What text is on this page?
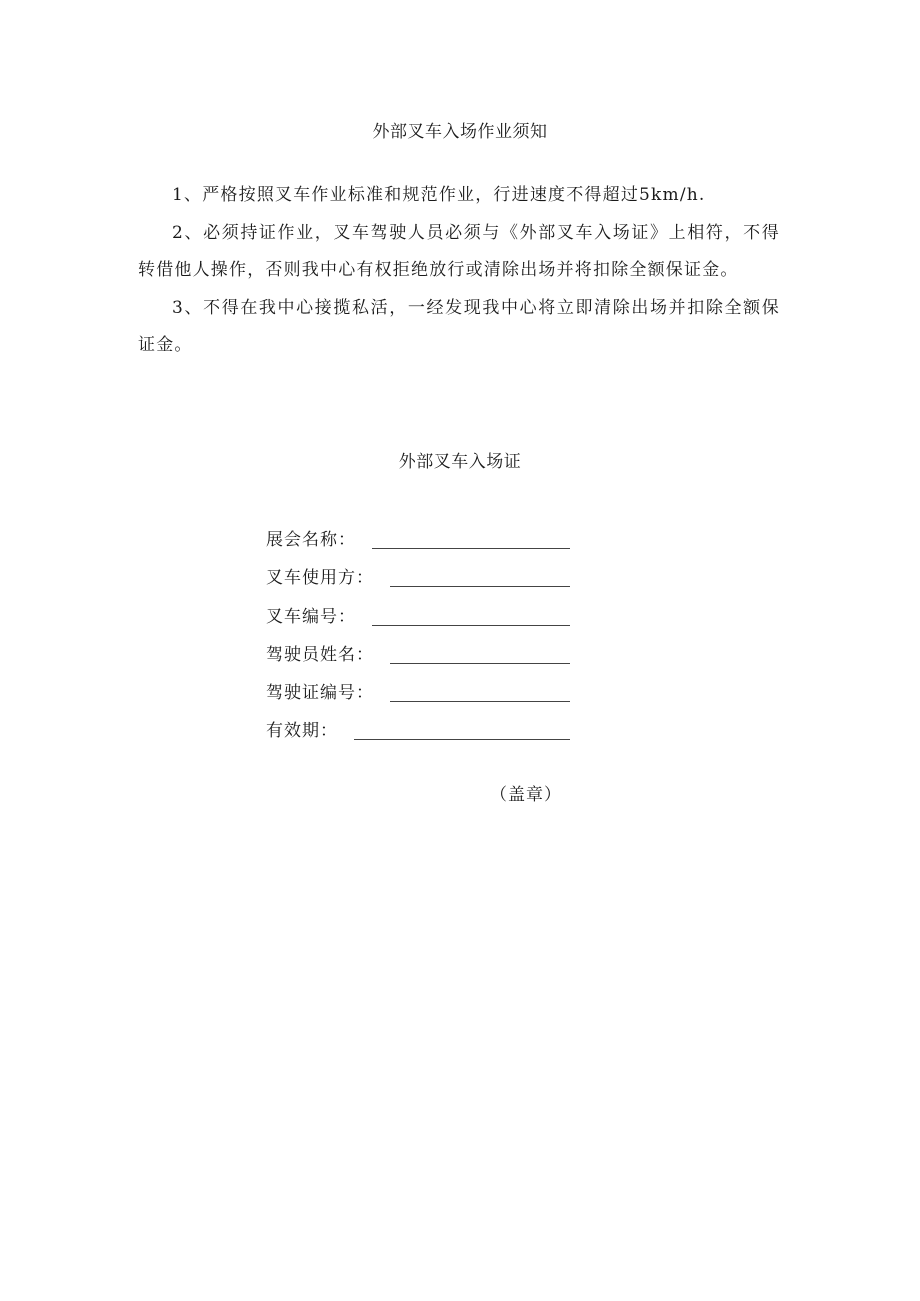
外部叉车入场作业须知

1、严格按照叉车作业标准和规范作业，行进速度不得超过5km/h.

2、必须持证作业，叉车驾驶人员必须与《外部叉车入场证》上相符，不得转借他人操作，否则我中心有权拒绝放行或清除出场并将扣除全额保证金。

3、不得在我中心接揽私活，一经发现我中心将立即清除出场并扣除全额保证金。

外部叉车入场证
展会名称：
叉车使用方：
叉车编号：
驾驶员姓名：
驾驶证编号：
有效期：
（盖章）
